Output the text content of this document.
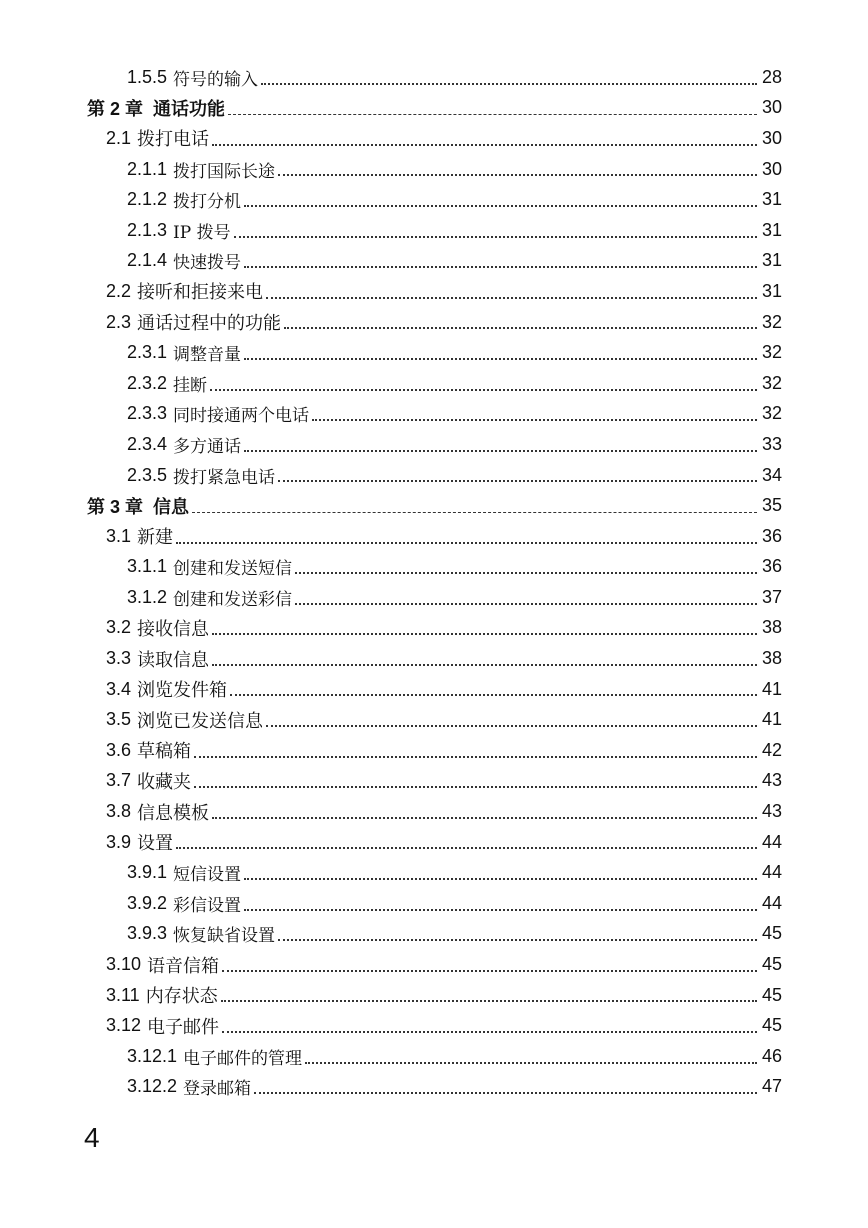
1.5.5 符号的输入	28
第 2 章 通话功能	30
2.1 拨打电话	30
2.1.1 拨打国际长途	30
2.1.2 拨打分机	31
2.1.3 IP 拨号	31
2.1.4 快速拨号	31
2.2 接听和拒接来电	31
2.3 通话过程中的功能	32
2.3.1 调整音量	32
2.3.2 挂断	32
2.3.3 同时接通两个电话	32
2.3.4 多方通话	33
2.3.5 拨打紧急电话	34
第 3 章 信息	35
3.1 新建	36
3.1.1 创建和发送短信	36
3.1.2 创建和发送彩信	37
3.2 接收信息	38
3.3 读取信息	38
3.4 浏览发件箱	41
3.5 浏览已发送信息	41
3.6 草稿箱	42
3.7 收藏夹	43
3.8 信息模板	43
3.9 设置	44
3.9.1 短信设置	44
3.9.2 彩信设置	44
3.9.3 恢复缺省设置	45
3.10 语音信箱	45
3.11 内存状态	45
3.12 电子邮件	45
3.12.1 电子邮件的管理	46
3.12.2 登录邮箱	47
4
